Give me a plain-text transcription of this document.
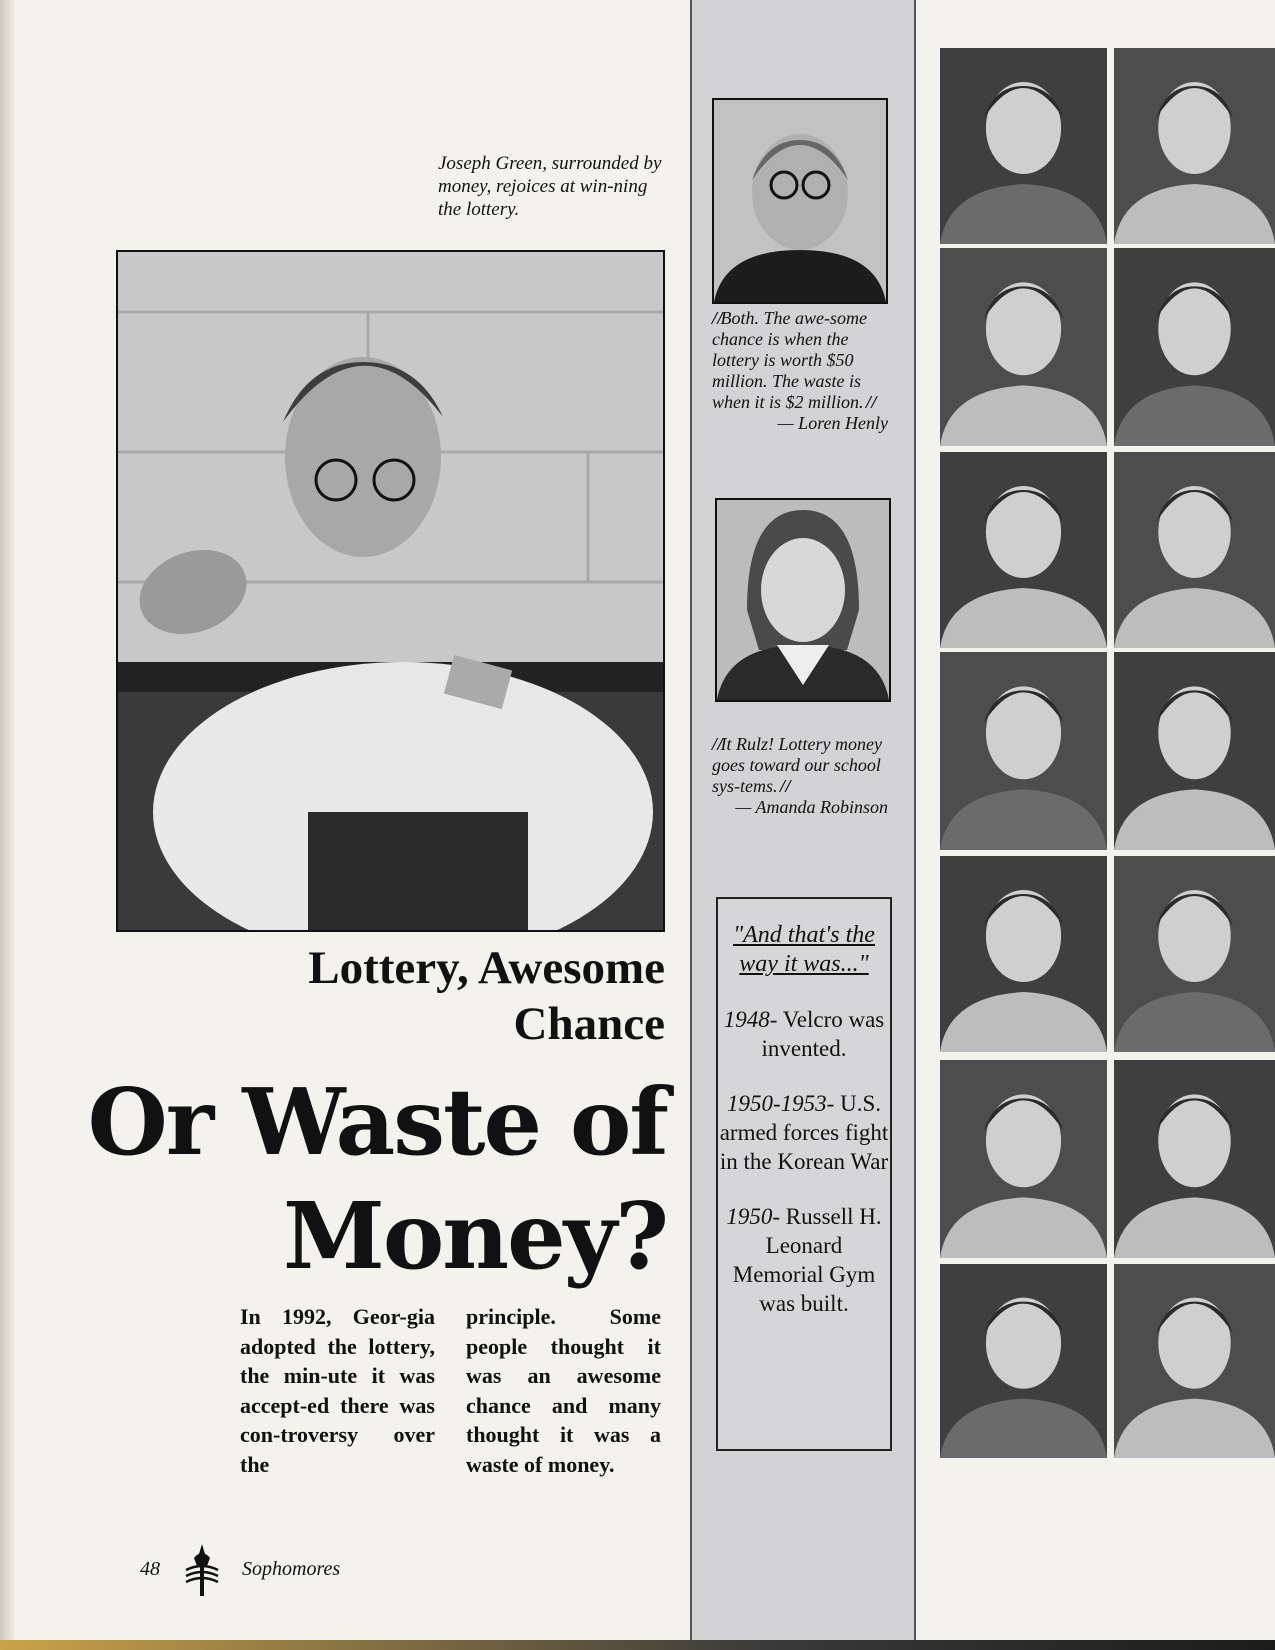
Joseph Green, surrounded by money, rejoices at win-ning the lottery.
Lottery, Awesome
Chance
Or Waste of
Money?
In 1992, Geor-gia adopted the lottery, the min-ute it was accept-ed there was con-troversy over the
principle. Some people thought it was an awesome chance and many thought it was a waste of money.
48	Sophomores
/ /Both. The awe-some chance is when the lottery is worth $50 million. The waste is when it is $2 million. / /
— Loren Henly
/ /It Rulz! Lottery money goes toward our school sys-tems. / /
— Amanda Robinson
"And that's the way it was..."
1948- Velcro was invented.
1950-1953- U.S. armed forces fight in the Korean War
1950- Russell H. Leonard Memorial Gym was built.
